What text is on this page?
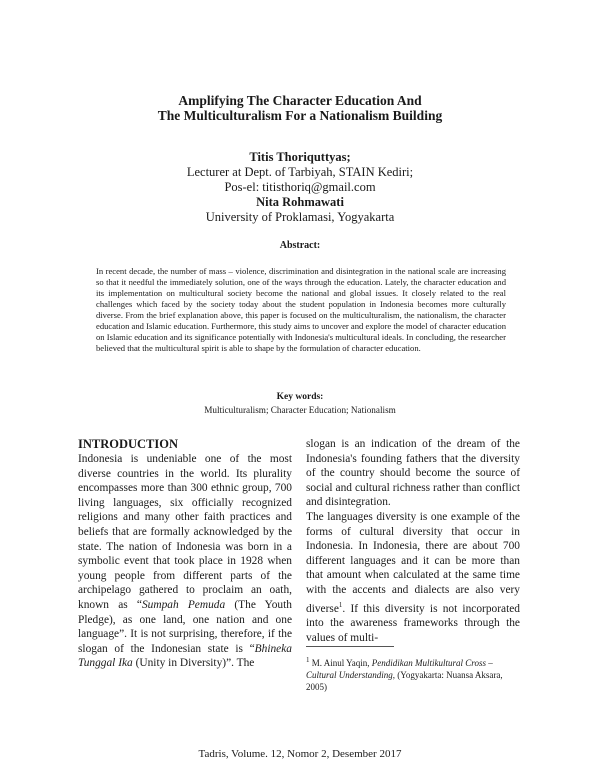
Amplifying The Character Education And
The Multiculturalism For a Nationalism Building
Titis Thoriquttyas;
Lecturer at Dept. of Tarbiyah, STAIN Kediri;
Pos-el: titisthoriq@gmail.com
Nita Rohmawati
University of Proklamasi, Yogyakarta
Abstract:
In recent decade, the number of mass – violence, discrimination and disintegration in the national scale are increasing so that it needful the immediately solution, one of the ways through the education. Lately, the character education and its implementation on multicultural society become the national and global issues. It closely related to the real challenges which faced by the society today about the student population in Indonesia becomes more culturally diverse. From the brief explanation above, this paper is focused on the multiculturalism, the nationalism, the character education and Islamic education. Furthermore, this study aims to uncover and explore the model of character education on Islamic education and its significance potentially with Indonesia's multicultural ideals. In concluding, the researcher believed that the multicultural spirit is able to shape by the formulation of character education.
Key words:
Multiculturalism; Character Education; Nationalism
INTRODUCTION

Indonesia is undeniable one of the most diverse countries in the world. Its plurality encompasses more than 300 ethnic group, 700 living languages, six officially recognized religions and many other faith practices and beliefs that are formally acknowledged by the state. The nation of Indonesia was born in a symbolic event that took place in 1928 when young people from different parts of the archipelago gathered to proclaim an oath, known as “Sumpah Pemuda (The Youth Pledge), as one land, one nation and one language”. It is not surprising, therefore, if the slogan of the Indonesian state is “Bhineka Tunggal Ika (Unity in Diversity)”. The

slogan is an indication of the dream of the Indonesia's founding fathers that the diversity of the country should become the source of social and cultural richness rather than conflict and disintegration.

The languages diversity is one example of the forms of cultural diversity that occur in Indonesia. In Indonesia, there are about 700 different languages and it can be more than that amount when calculated at the same time with the accents and dialects are also very diverse$^1$. If this diversity is not incorporated into the awareness frameworks through the values of multi-

$^1$ M. Ainul Yaqin, Pendidikan Multikultural Cross – Cultural Understanding, (Yogyakarta: Nuansa Aksara, 2005)
Tadris, Volume. 12, Nomor 2, Desember 2017
